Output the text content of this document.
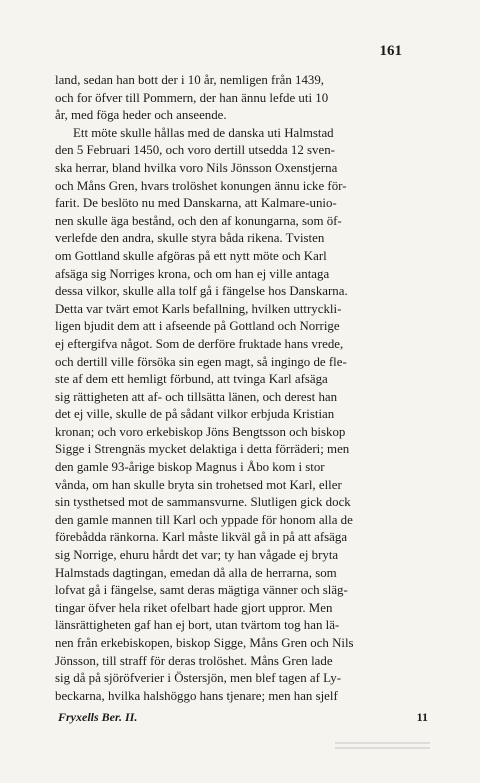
161
land, sedan han bott der i 10 år, nemligen från 1439,
och for öfver till Pommern, der han ännu lefde uti 10
år, med föga heder och anseende.
Ett möte skulle hållas med de danska uti Halmstad
den 5 Februari 1450, och voro dertill utsedda 12 sven-
ska herrar, bland hvilka voro Nils Jönsson Oxenstjerna
och Måns Gren, hvars trolöshet konungen ännu icke för-
farit. De beslöto nu med Danskarna, att Kalmare-unio-
nen skulle äga bestånd, och den af konungarna, som öf-
verlefde den andra, skulle styra båda rikena. Tvisten
om Gottland skulle afgöras på ett nytt möte och Karl
afsäga sig Norriges krona, och om han ej ville antaga
dessa vilkor, skulle alla tolf gå i fängelse hos Danskarna.
Detta var tvärt emot Karls befallning, hvilken uttryckli-
ligen bjudit dem att i afseende på Gottland och Norrige
ej eftergifva något. Som de derföre fruktade hans vrede,
och dertill ville försöka sin egen magt, så ingingo de fle-
ste af dem ett hemligt förbund, att tvinga Karl afsäga
sig rättigheten att af- och tillsätta länen, och derest han
det ej ville, skulle de på sådant vilkor erbjuda Kristian
kronan; och voro erkebiskop Jöns Bengtsson och biskop
Sigge i Strengnäs mycket delaktiga i detta förräderi; men
den gamle 93-årige biskop Magnus i Åbo kom i stor
vånda, om han skulle bryta sin trohetsed mot Karl, eller
sin tysthetsed mot de sammansvurne. Slutligen gick dock
den gamle mannen till Karl och yppade för honom alla de
förebådda ränkorna. Karl måste likväl gå in på att afsäga
sig Norrige, ehuru hårdt det var; ty han vågade ej bryta
Halmstads dagtingan, emedan då alla de herrarna, som
lofvat gå i fängelse, samt deras mägtiga vänner och släg-
tingar öfver hela riket ofelbart hade gjort uppror. Men
länsrättigheten gaf han ej bort, utan tvärtom tog han lä-
nen från erkebiskopen, biskop Sigge, Måns Gren och Nils
Jönsson, till straff för deras trolöshet. Måns Gren lade
sig då på sjöröfverier i Östersjön, men blef tagen af Ly-
beckarna, hvilka halshöggo hans tjenare; men han sjelf
Fryxells Ber. II.	11
